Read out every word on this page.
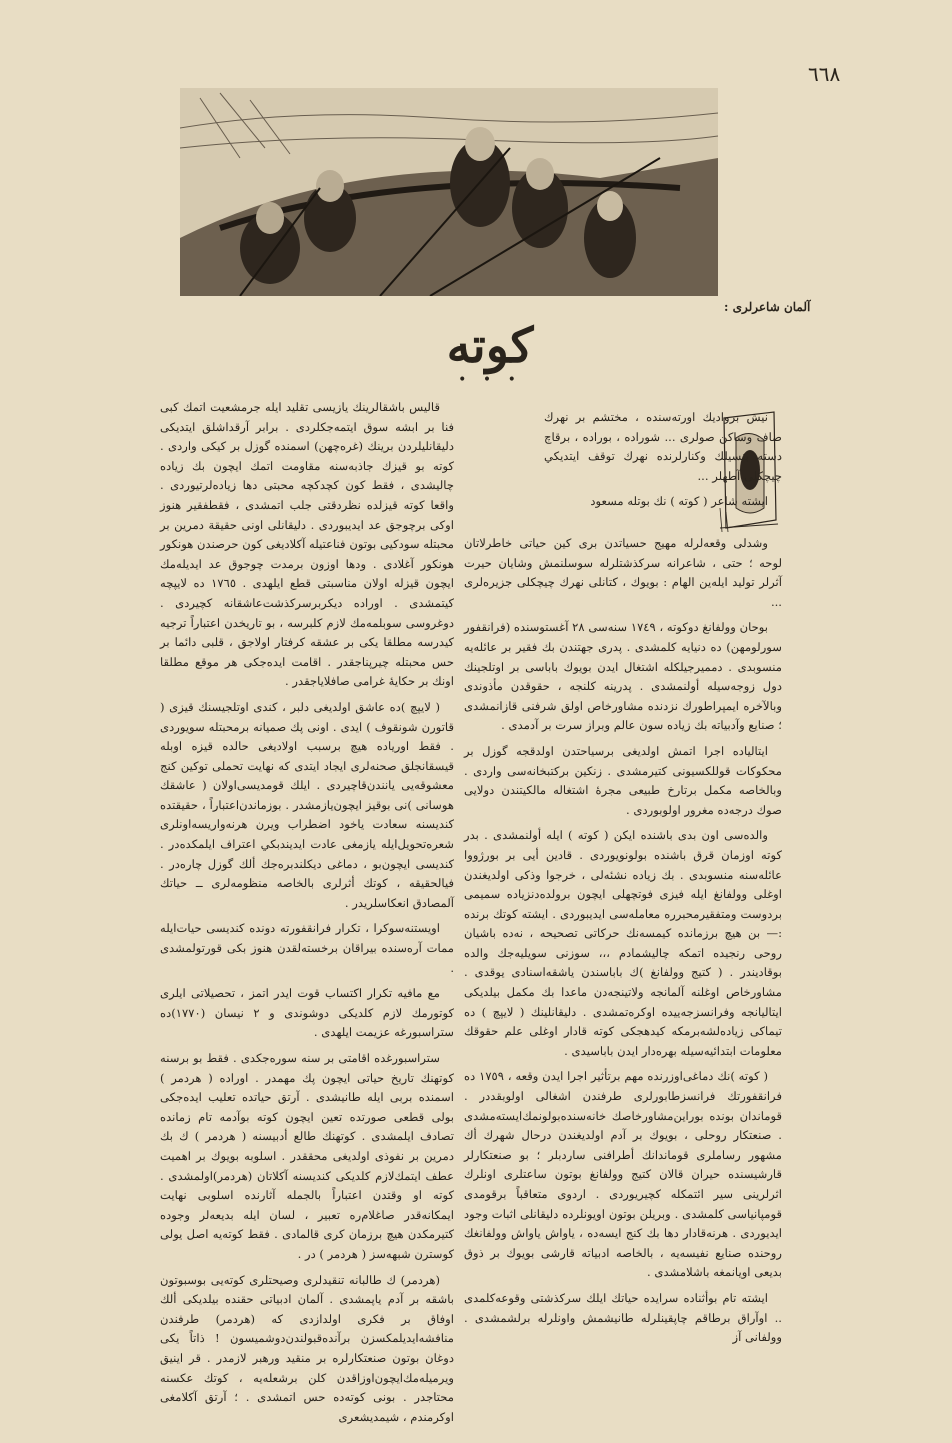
٦٦٨
آلمان شاعرلری :
كوته
• • •

نیش برواديك اورته‌سنده ، مختشم بر نهرك صاف وساكن صولری ... شوراده ، بوراده ، برقاچ دسته بنسيلك وكنارلرنده نهرك توقف ايتديكي چيچكلی آطهلر ...

ايشته شاعر ( كوته ) نك بوتله مسعود

وشدلی وقعه‌لرله مهيج حسياتدن برى كين حياتی خاطرلاتان لوحه ؛ حتی ، شاعرانه سركذشتلرله سوسلنمش وشايان حيرت آثرلر توليد ايله‌ين الهام : بويوك ، كتانلی نهرك چيچكلی جزيره‌لری ...

بوحان وولفانغ دوكوته ، ١٧٤٩ سنه‌سی ٢٨ آغستوسنده (فرانقفور سورلومهن) ده دنيايه كلمشدی . پدری جهتندن بك فقير بر عائله‌يه منسوبدی . دمميرجيلكله اشتغال ايدن بويوك باباسی بر اوتلجينك دول زوجه‌سيله أولنمشدی . پدرينه كلنجه ، حقوقدن مأذوندی وبالآخره ايمپراطورك نزدنده مشاورخاص اولق شرفنی قازانمشدی ؛ صنايع وآدبياته بك زياده سون عالم وبراز سرت بر آدمدی .

ايتالياده اجرا اتمش اولديغی برسياحتدن اولدقجه گوزل بر محكوكات قوللكسيونی كتيرمشدی . زنكين بركتبخانه‌سی واردی . وبالخاصه مكمل برتارخ طبيعی مجرهٔ اشتغاله مالكيتندن دولايی صوك درجه‌ده مغرور اولوبوردی .

والده‌سی اون بدی باشنده ايكن ( كوته ) ايله أولنمشدی . بدر كوته اوزمان قرق باشنده بولونويوردی . قادين أيی بر بورژووا عائله‌سنه منسوبدی . بك زياده نشئه‌لی ، خرجوا وذكی اولديغندن اوغلی وولفانغ ايله فيزی فوتچهلی ايچون برولده‌دنزياده سميمی بردوست ومتفقيرمحبرره معامله‌سی ايديبوردی . ايشته كوتك برنده :— بن هيچ برزمانده كيمسه‌نك حركاتی تصحيحه ، نه‌ده باشيان روحی رنجيده اتمكه چاليشمادم ،،، سوزنی سويليه‌جك والده بوقاديندر . ( كتيج وولفانغ )ك باباسندن ياشقه‌اسنادی يوقدی . مشاورخاص اوغلنه آلمانجه ولاتينجه‌دن ماعدا بك مكمل بيلديكی ايتاليانجه وفرانسزجه‌يیده اوكره‌تمشدی . دليقانلينك ( لايپچ ) ده تيماكی زياده‌لشه‌برمكه كيدهجكی كوته قادار اوغلی علم حقوقك معلومات ابتدائيه‌سيله بهره‌دار ايدن باباسيدی .

( كوته )نك دماغی‌اوزرنده مهم برتأثير اجرا ايدن وقعه ، ١٧٥٩ ده فرانقفورتك فرانسزطابورلری طرفندن اشغالی اولوبقددر . قوماندان بونده بوراين‌مشاورخاصك خانه‌سنده‌بولونمك‌ايسته‌مشدی . صنعتكار روحلی ، بويوك بر آدم اولديغندن درحال شهرك أك مشهور رساملری قوماندانك أطرافنی ساردبلر ؛ بو صنعتكارلر قارشيسنده حيران قالان كتيج وولفانغ بوتون ساعتلری اونلرك اثرلرينی سير ائتمكله كچيريوردی . اردوی متعاقباً برقومدی قومپانياسی كلمشدی . وبريلن بوتون اويونلرده دليقانلی اثبات وجود ايديوردی . هرنه‌قادار دها بك كنج ايسه‌ده ، ياواش ياواش وولفانغك روحنده صنايع نفيسه‌يه ، بالخاصه ادبياته قارشی بويوك بر ذوق بديعی اويانمغه باشلامشدی .

ايشته تام بوأثناده سرايده حياتك ايلك سركذشتی وقوعه‌كلمدی .. اوآراق برطاقم چاپقينلرله طانيشمش واونلرله برلشمشدی . وولفانی آز

قاليس باشقالرينك يازيسی تقليد ايله جرمشعيت اتمك كبی فنا بر ابشه سوق ايتمه‌جكلردی . برابر آرقداشلق ايتديكی دليقانليلردن برينك (غره‌چهن) اسمنده گوزل بر كيكی واردی . كوته بو قيزك جاذبه‌سنه مقاومت اتمك ايچون بك زياده چاليشدی ، فقط كون كچدكچه محبتی دها زياده‌لرتيوردی . واقعا كوته قيزلده نظردقتی جلب اتمشدی ، فقطفقير هنوز اوكی برچوجق عد ايديبوردی . دليقانلی اونی حقيقة دمرين بر محبتله سودكيی بوتون فناعتيله آكلاديغی كون حرصندن هونكور هونكور آغلادی . ودها اوزون برمدت چوجوق عد ايديله‌مك ايچون قيزله اولان مناسبتی قطع ايلهدی . ١٧٦٥ ده لايپچه كيتمشدی . اوراده ديكربرسركذشت‌عاشقانه كچيردی . دوغروسی سوبلمه‌مك لازم كلبرسه ، بو تاريخدن اعتباراً ترجيه كيدرسه مطلقا يكی بر عشقه كرفتار اولاجق ، قلبی دائما بر حس محبتله چيرپناجقدر . اقامت ايده‌جكی هر موقع مطلقا اونك بر حكايهٔ غرامی صافلايا‌جقدر .

( لايپچ )ده عاشق اولديغی دلبر ، كندی اوتلجيسنك قيزی ( قاتورن شونقوف ) ايدی . اونی پك صميانه برمحبتله سويوردی . فقط اورياده هيچ برسبب اولاديغی حالده قيزه اوبله قيسقانجلق صحنه‌لری ايجاد ايتدی كه نهايت تحملی توكين كنج معشوقه‌یی يانندن‌قاچيردی . ايلك قومديسی‌اولان ( عاشقك هوسانی )نی بوقيز ايچون‌يازمشدر . بوزماندن‌اعتباراً ، حقيقتده كنديسنه سعادت ياخود اضطراب ويرن هرنه‌واريسه‌اونلری شعره‌تحويل‌ايله يازمغی عادت ايديندبكي اعتراف ايلمكده‌در . كنديسی ايچون‌بو ، دماغی ديكلندبره‌جك ألك گوزل چاره‌در . فیالحقيقه ، كوتك أثرلری بالخاصه منظومه‌لری ــ حياتك آلمصادق انعكاسلريدر .

اويستنه‌سوكرا ، تكرار فرانقفورته دونده كنديسی حيات‌ايله ممات آره‌سنده بيراقان برخسته‌لقدن هنوز بكی قورتولمشدی .

مع مافيه تكرار اكتساب قوت ايدر اتمز ، تحصيلاتی ايلری كوتورمك لازم كلديكی دوشوندی و ٢ نيسان (١٧٧٠)ده ستراسبورغه عزيمت ايلهدی .

ستراسبورغده اقامتی بر سنه سوره‌جكدی . فقط بو برسنه كوتهنك تاريخ حياتی ايچون پك مهمدر . اوراده ( هردمر ) اسمنده بربی ايله طانيشدی . آرتق حياتده تعليب ايده‌جكی بولی قطعی صورتده تعين ايچون كوته بوآدمه تام زمانده تصادف ايلمشدی . كوتهنك طالع أدبيسنه ( هردمر ) ك بك دمرين بر نفوذی اولديغی محققدر . اسلوبه بويوك بر اهميت عطف ايتمك‌لازم كلديكی كنديسنه آكلاتان (هردمر)اولمشدی . كوته او وقتدن اعتباراً بالجمله آثارنده اسلوبی نهايت ايمكانه‌قدر صاغلام‌ره تعبير ، لسان ايله بديعه‌لر وجوده كتيرمكدن هيچ برزمان كرى قالمادی . فقط كوته‌يه اصل يولی كوسترن شبهه‌سز ( هردمر ) در .

(هردمر) ك طالبانه تنقيدلری وصيحتلری كوته‌يی بوسبوتون باشقه بر آدم ياپمشدی . آلمان ادبياتی حقنده بيلديكی ألك اوفاق بر فكری اولدازدی كه (هردمر) طرفندن منافشه‌ايديلمكسزن برآنده‌قبولندن‌دوشميسون ! ذاتاً يكی دوغان بوتون صنعتكارلره بر منقيد ورهبر لازمدر . قر اينيق ويرميله‌مك‌ايچون‌اوزاقدن كلن برشعله‌يه ، كوتك عكسنه محتاجدر . بونی كوته‌ده حس اتمشدی . ؛ آرتق آكلامغی اوكرمندم ، شيمدیشعری
